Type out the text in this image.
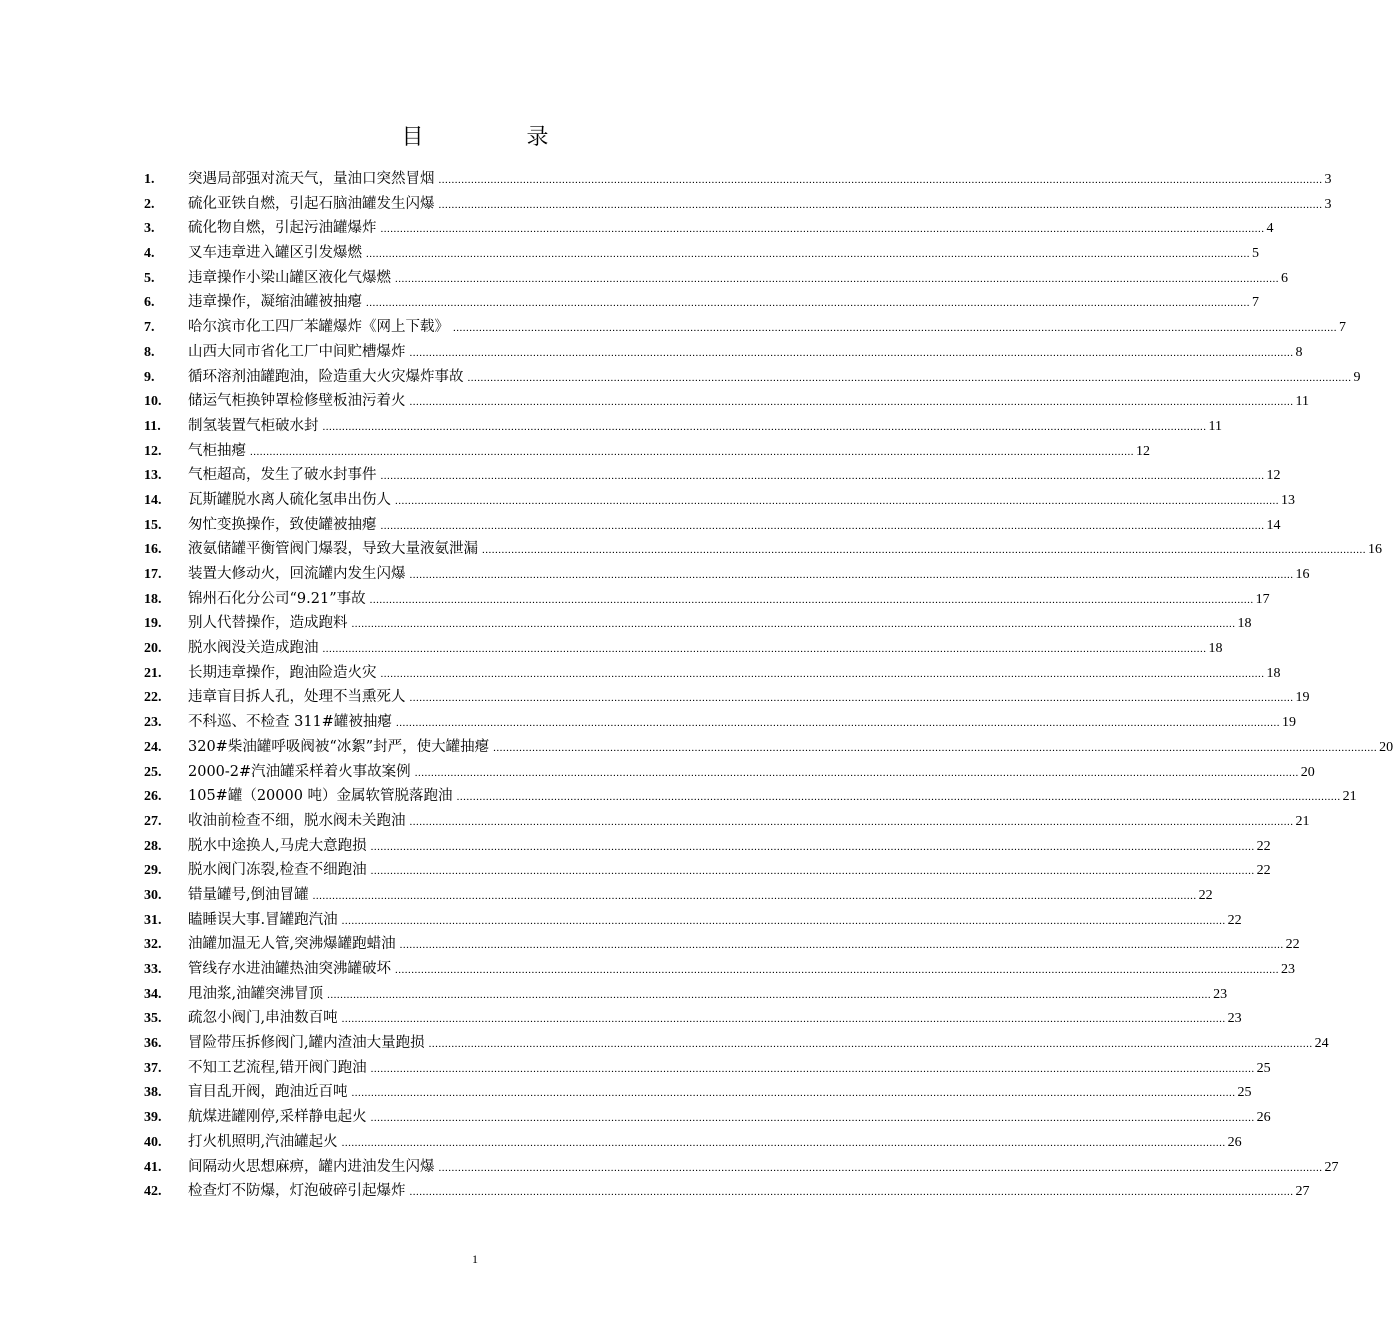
目 录
1.	突遇局部强对流天气，量油口突然冒烟 .....	3
2.	硫化亚铁自燃，引起石脑油罐发生闪爆 .....	3
3.	硫化物自燃，引起污油罐爆炸 .....	4
4.	叉车违章进入罐区引发爆燃 .....	5
5.	违章操作小梁山罐区液化气爆燃 .....	6
6.	违章操作，凝缩油罐被抽瘪 .....	7
7.	哈尔滨市化工四厂苯罐爆炸《网上下载》 .....	7
8.	山西大同市省化工厂中间贮槽爆炸 .....	8
9.	循环溶剂油罐跑油，险造重大火灾爆炸事故 .....	9
10.	储运气柜换钟罩检修壁板油污着火 .....	11
11.	制氢装置气柜破水封 .....	11
12.	气柜抽瘪 .....	12
13.	气柜超高，发生了破水封事件 .....	12
14.	瓦斯罐脱水离人硫化氢串出伤人 .....	13
15.	匆忙变换操作，致使罐被抽瘪 .....	14
16.	液氨储罐平衡管阀门爆裂，导致大量液氨泄漏 .....	16
17.	装置大修动火，回流罐内发生闪爆 .....	16
18.	锦州石化分公司“9.21”事故 .....	17
19.	别人代替操作，造成跑料 .....	18
20.	脱水阀没关造成跑油 .....	18
21.	长期违章操作，跑油险造火灾 .....	18
22.	违章盲目拆人孔，处理不当熏死人 .....	19
23.	不科巡、不检查 311#罐被抽瘪 .....	19
24.	320#柴油罐呼吸阀被“冰絮”封严，使大罐抽瘪 .....	20
25.	2000-2#汽油罐采样着火事故案例 .....	20
26.	105#罐（20000 吨）金属软管脱落跑油 .....	21
27.	收油前检查不细，脱水阀未关跑油 .....	21
28.	脱水中途换人,马虎大意跑损 .....	22
29.	脱水阀门冻裂,检查不细跑油 .....	22
30.	错量罐号,倒油冒罐 .....	22
31.	瞌睡误大事.冒罐跑汽油 .....	22
32.	油罐加温无人管,突沸爆罐跑蜡油 .....	22
33.	管线存水进油罐热油突沸罐破坏 .....	23
34.	甩油浆,油罐突沸冒顶 .....	23
35.	疏忽小阀门,串油数百吨 .....	23
36.	冒险带压拆修阀门,罐内渣油大量跑损 .....	24
37.	不知工艺流程,错开阀门跑油 .....	25
38.	盲目乱开阀，跑油近百吨 .....	25
39.	航煤进罐刚停,采样静电起火 .....	26
40.	打火机照明,汽油罐起火 .....	26
41.	间隔动火思想麻痹，罐内进油发生闪爆 .....	27
42.	检查灯不防爆，灯泡破碎引起爆炸 .....	27
1
